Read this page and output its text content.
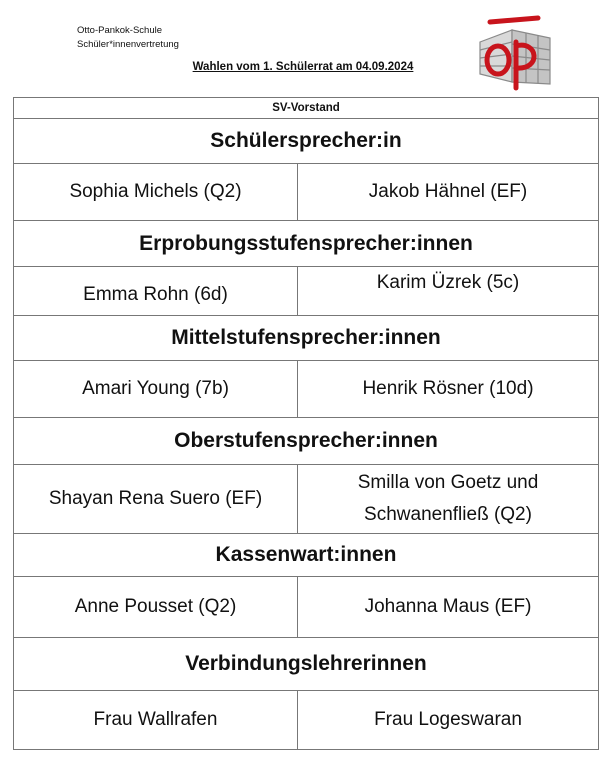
Otto-Pankok-Schule
Schüler*innenvertretung
Wahlen vom 1. Schülerrat am 04.09.2024
SV-Vorstand	
Schülersprecher:in	
Sophia Michels (Q2)	Jakob Hähnel (EF)
Erprobungsstufensprecher:innen	
Emma Rohn (6d)	Karim Üzrek (5c)
Mittelstufensprecher:innen	
Amari Young (7b)	Henrik Rösner (10d)
Oberstufensprecher:innen	
Shayan Rena Suero (EF)	Smilla von Goetz und Schwanenfließ (Q2)
Kassenwart:innen	
Anne Pousset (Q2)	Johanna Maus (EF)
Verbindungslehrerinnen	
Frau Wallrafen	Frau Logeswaran
